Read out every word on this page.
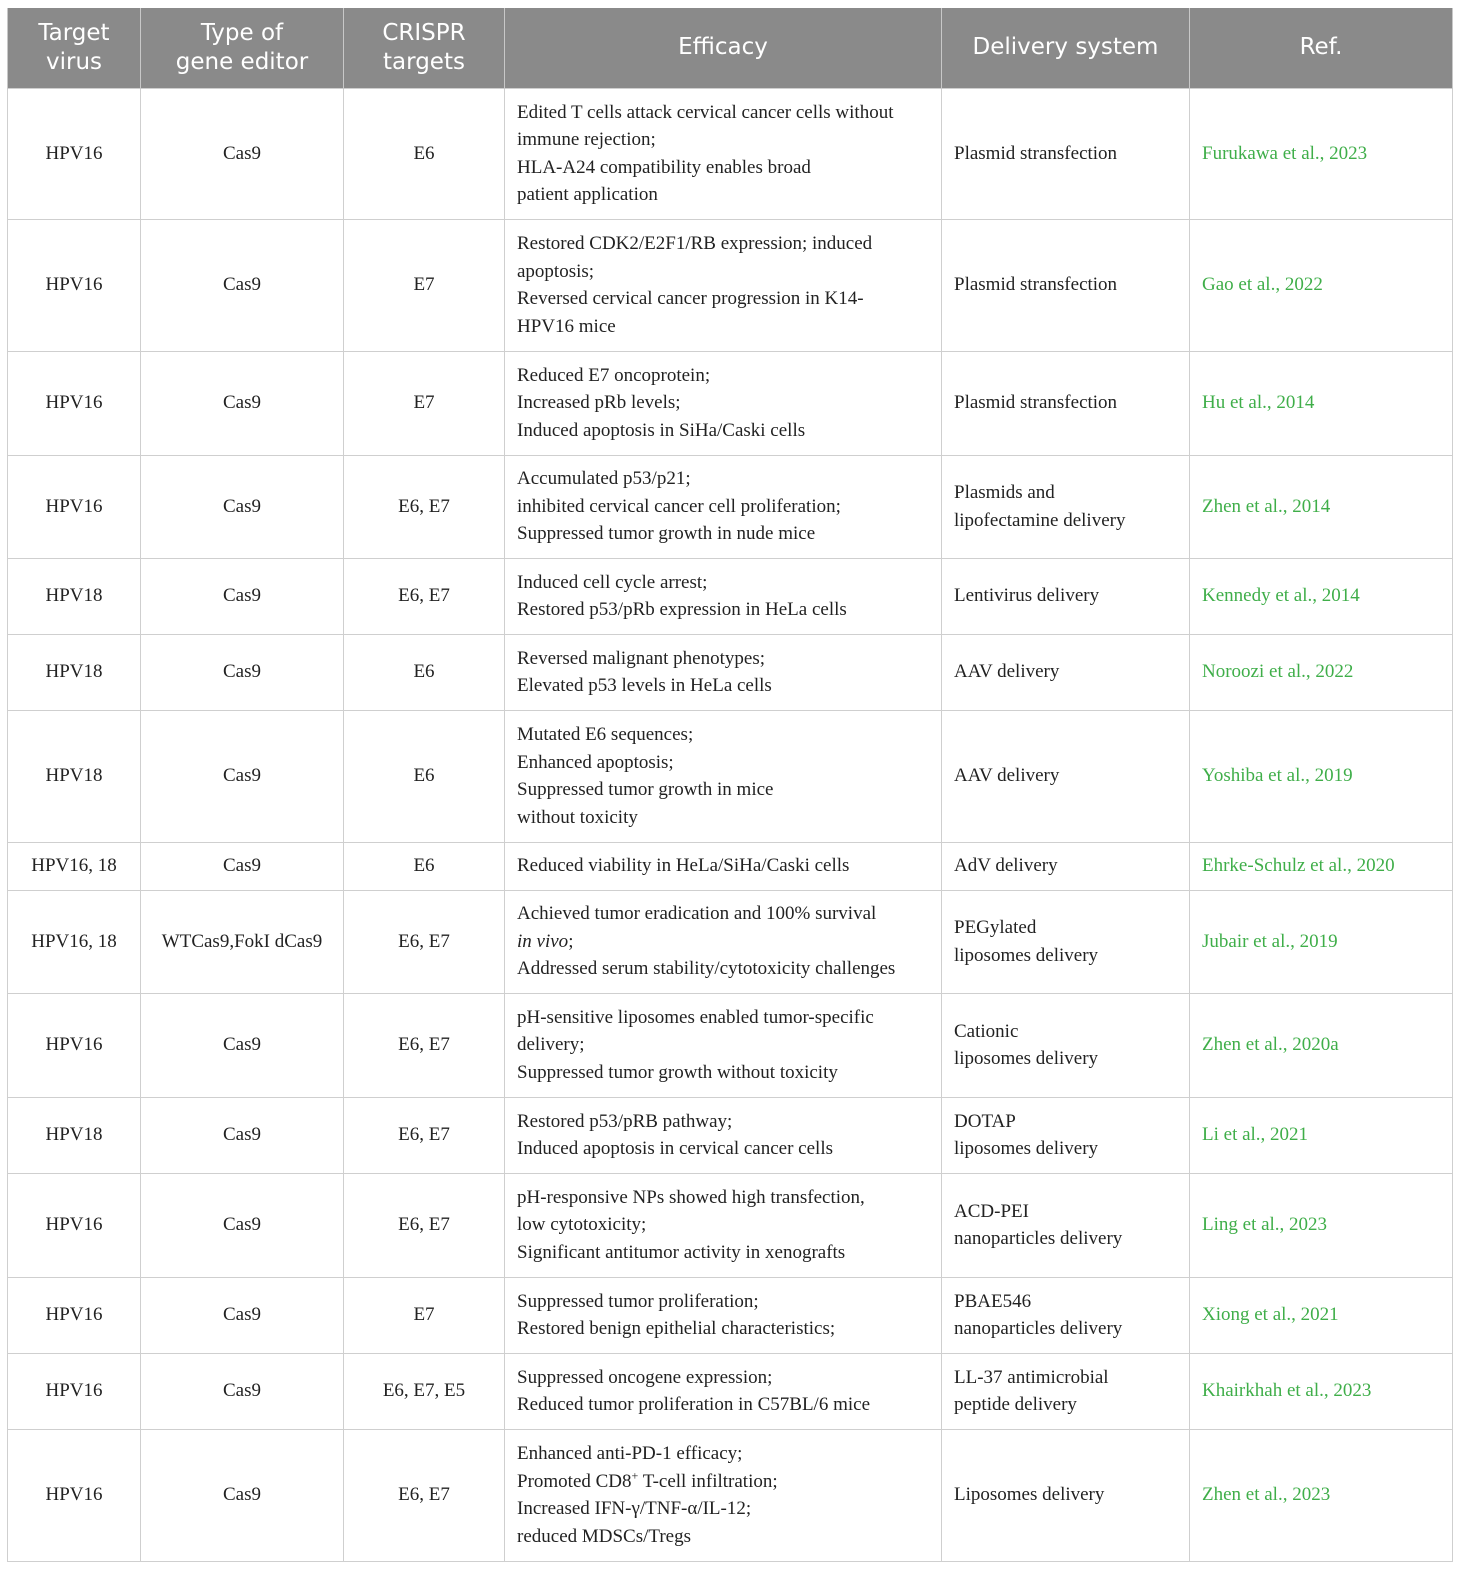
Target
virus	Type of
gene editor	CRISPR
targets	Efficacy	Delivery system	Ref.
HPV16	Cas9	E6	Edited T cells attack cervical cancer cells without
immune rejection;
HLA-A24 compatibility enables broad
patient application	Plasmid stransfection	Furukawa et al., 2023
HPV16	Cas9	E7	Restored CDK2/E2F1/RB expression; induced
apoptosis;
Reversed cervical cancer progression in K14-
HPV16 mice	Plasmid stransfection	Gao et al., 2022
HPV16	Cas9	E7	Reduced E7 oncoprotein;
Increased pRb levels;
Induced apoptosis in SiHa/Caski cells	Plasmid stransfection	Hu et al., 2014
HPV16	Cas9	E6, E7	Accumulated p53/p21;
inhibited cervical cancer cell proliferation;
Suppressed tumor growth in nude mice	Plasmids and
lipofectamine delivery	Zhen et al., 2014
HPV18	Cas9	E6, E7	Induced cell cycle arrest;
Restored p53/pRb expression in HeLa cells	Lentivirus delivery	Kennedy et al., 2014
HPV18	Cas9	E6	Reversed malignant phenotypes;
Elevated p53 levels in HeLa cells	AAV delivery	Noroozi et al., 2022
HPV18	Cas9	E6	Mutated E6 sequences;
Enhanced apoptosis;
Suppressed tumor growth in mice
without toxicity	AAV delivery	Yoshiba et al., 2019
HPV16, 18	Cas9	E6	Reduced viability in HeLa/SiHa/Caski cells	AdV delivery	Ehrke-Schulz et al., 2020
HPV16, 18	WTCas9,FokI dCas9	E6, E7	Achieved tumor eradication and 100% survival
in vivo;
Addressed serum stability/cytotoxicity challenges	PEGylated
liposomes delivery	Jubair et al., 2019
HPV16	Cas9	E6, E7	pH-sensitive liposomes enabled tumor-specific
delivery;
Suppressed tumor growth without toxicity	Cationic
liposomes delivery	Zhen et al., 2020a
HPV18	Cas9	E6, E7	Restored p53/pRB pathway;
Induced apoptosis in cervical cancer cells	DOTAP
liposomes delivery	Li et al., 2021
HPV16	Cas9	E6, E7	pH-responsive NPs showed high transfection,
low cytotoxicity;
Significant antitumor activity in xenografts	ACD-PEI
nanoparticles delivery	Ling et al., 2023
HPV16	Cas9	E7	Suppressed tumor proliferation;
Restored benign epithelial characteristics;	PBAE546
nanoparticles delivery	Xiong et al., 2021
HPV16	Cas9	E6, E7, E5	Suppressed oncogene expression;
Reduced tumor proliferation in C57BL/6 mice	LL-37 antimicrobial
peptide delivery	Khairkhah et al., 2023
HPV16	Cas9	E6, E7	Enhanced anti-PD-1 efficacy;
Promoted CD8+ T-cell infiltration;
Increased IFN-γ/TNF-α/IL-12;
reduced MDSCs/Tregs	Liposomes delivery	Zhen et al., 2023
